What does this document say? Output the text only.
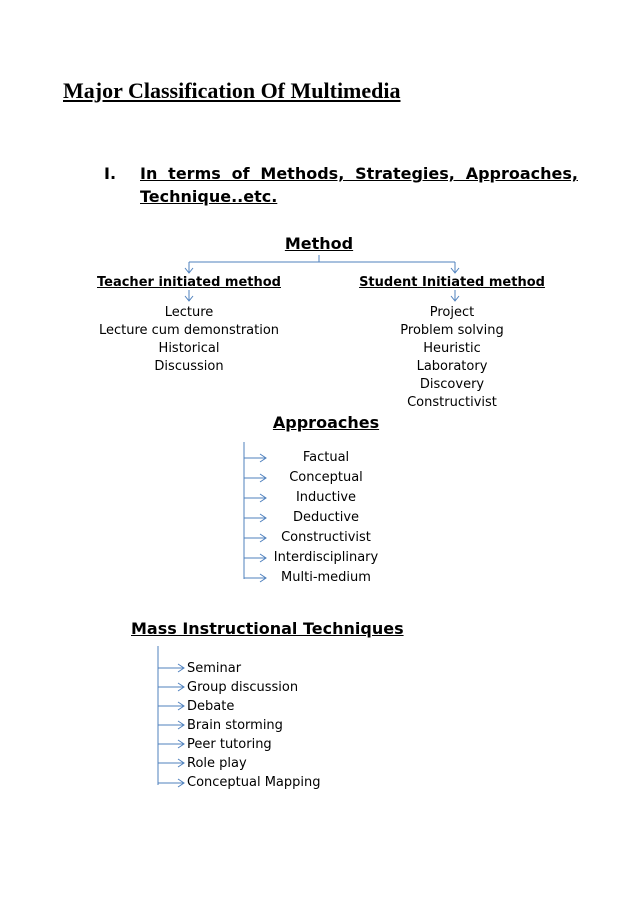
Major Classification Of Multimedia
I. In terms of Methods, Strategies, Approaches,
Technique..etc.
Method
Teacher initiated method	Student Initiated method
Lecture
Lecture cum demonstration
Historical
Discussion
Project
Problem solving
Heuristic
Laboratory
Discovery
Constructivist
Approaches
Factual
Conceptual
Inductive
Deductive
Constructivist
Interdisciplinary
Multi-medium
Mass Instructional Techniques
Seminar
Group discussion
Debate
Brain storming
Peer tutoring
Role play
Conceptual Mapping
